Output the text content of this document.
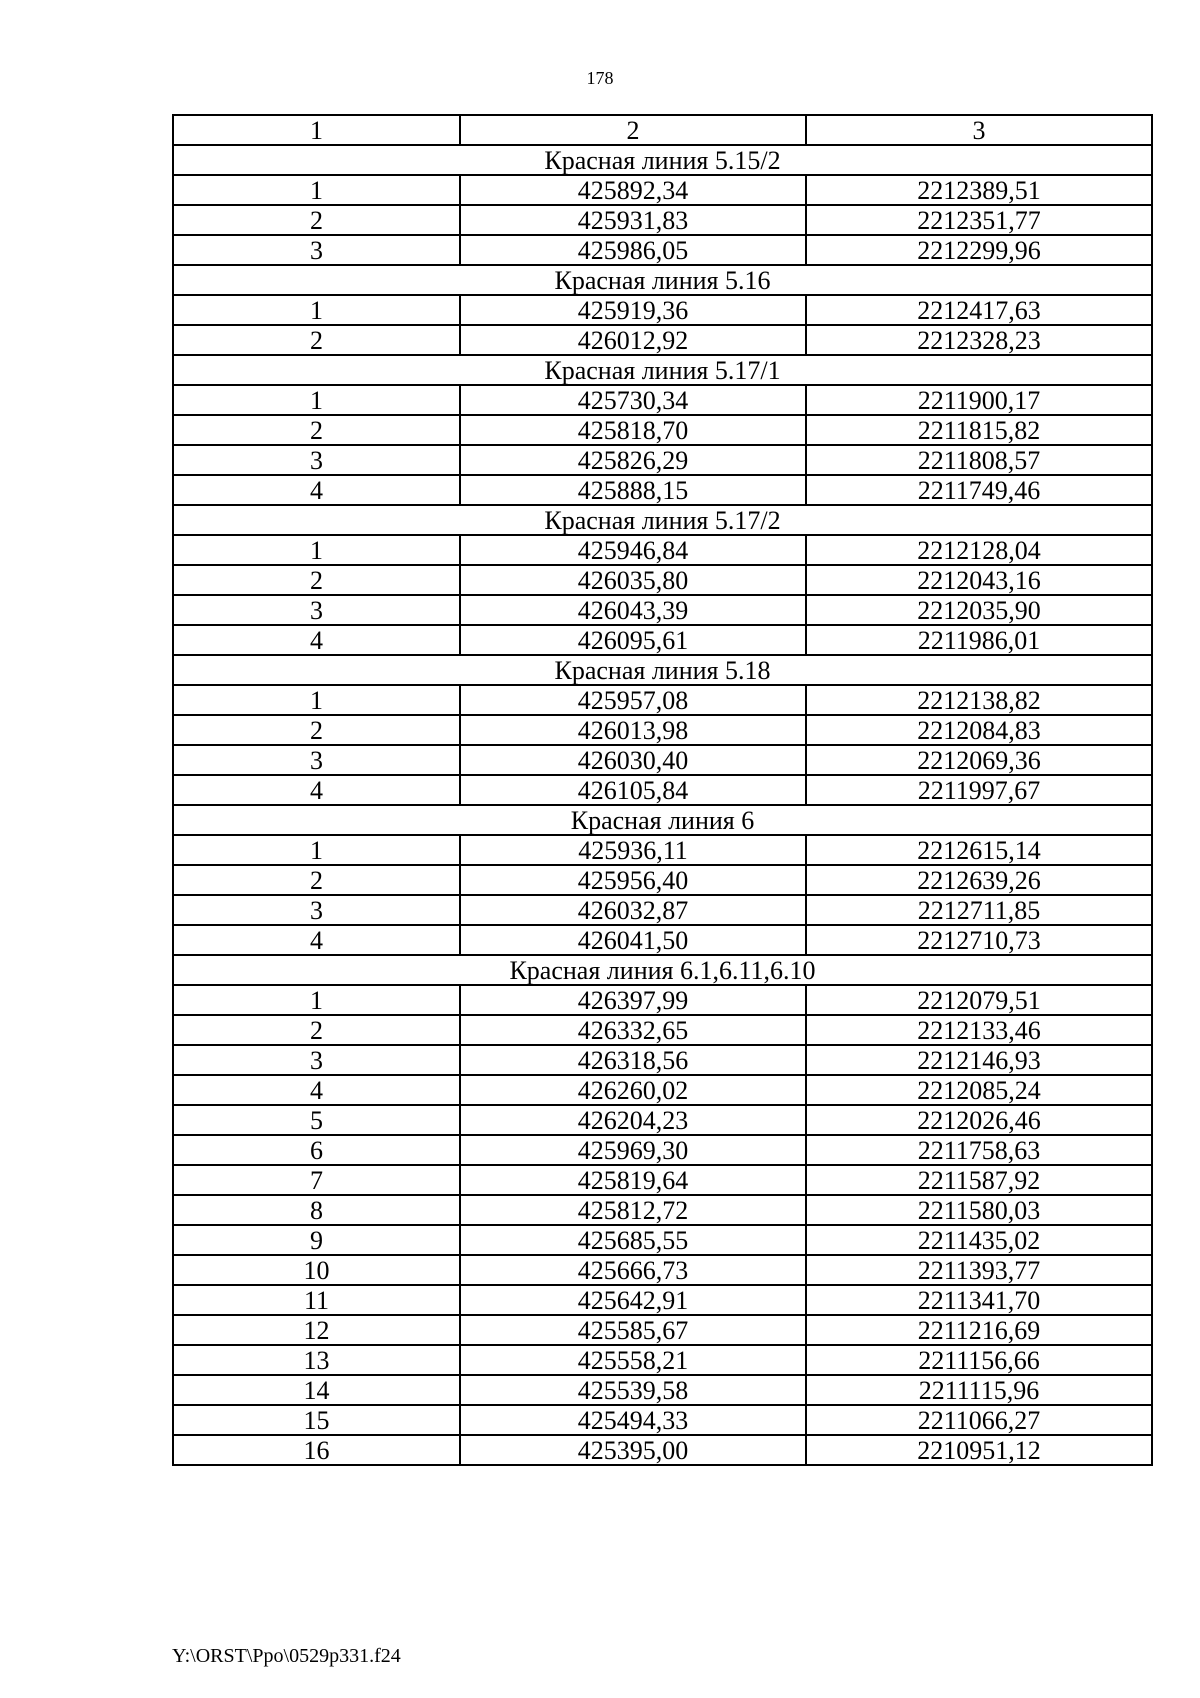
178
1	2	3
Красная линия 5.15/2		
1	425892,34	2212389,51
2	425931,83	2212351,77
3	425986,05	2212299,96
Красная линия 5.16		
1	425919,36	2212417,63
2	426012,92	2212328,23
Красная линия 5.17/1		
1	425730,34	2211900,17
2	425818,70	2211815,82
3	425826,29	2211808,57
4	425888,15	2211749,46
Красная линия 5.17/2		
1	425946,84	2212128,04
2	426035,80	2212043,16
3	426043,39	2212035,90
4	426095,61	2211986,01
Красная линия 5.18		
1	425957,08	2212138,82
2	426013,98	2212084,83
3	426030,40	2212069,36
4	426105,84	2211997,67
Красная линия 6		
1	425936,11	2212615,14
2	425956,40	2212639,26
3	426032,87	2212711,85
4	426041,50	2212710,73
Красная линия 6.1,6.11,6.10		
1	426397,99	2212079,51
2	426332,65	2212133,46
3	426318,56	2212146,93
4	426260,02	2212085,24
5	426204,23	2212026,46
6	425969,30	2211758,63
7	425819,64	2211587,92
8	425812,72	2211580,03
9	425685,55	2211435,02
10	425666,73	2211393,77
11	425642,91	2211341,70
12	425585,67	2211216,69
13	425558,21	2211156,66
14	425539,58	2211115,96
15	425494,33	2211066,27
16	425395,00	2210951,12
Y:\ORST\Ppo\0529p331.f24
